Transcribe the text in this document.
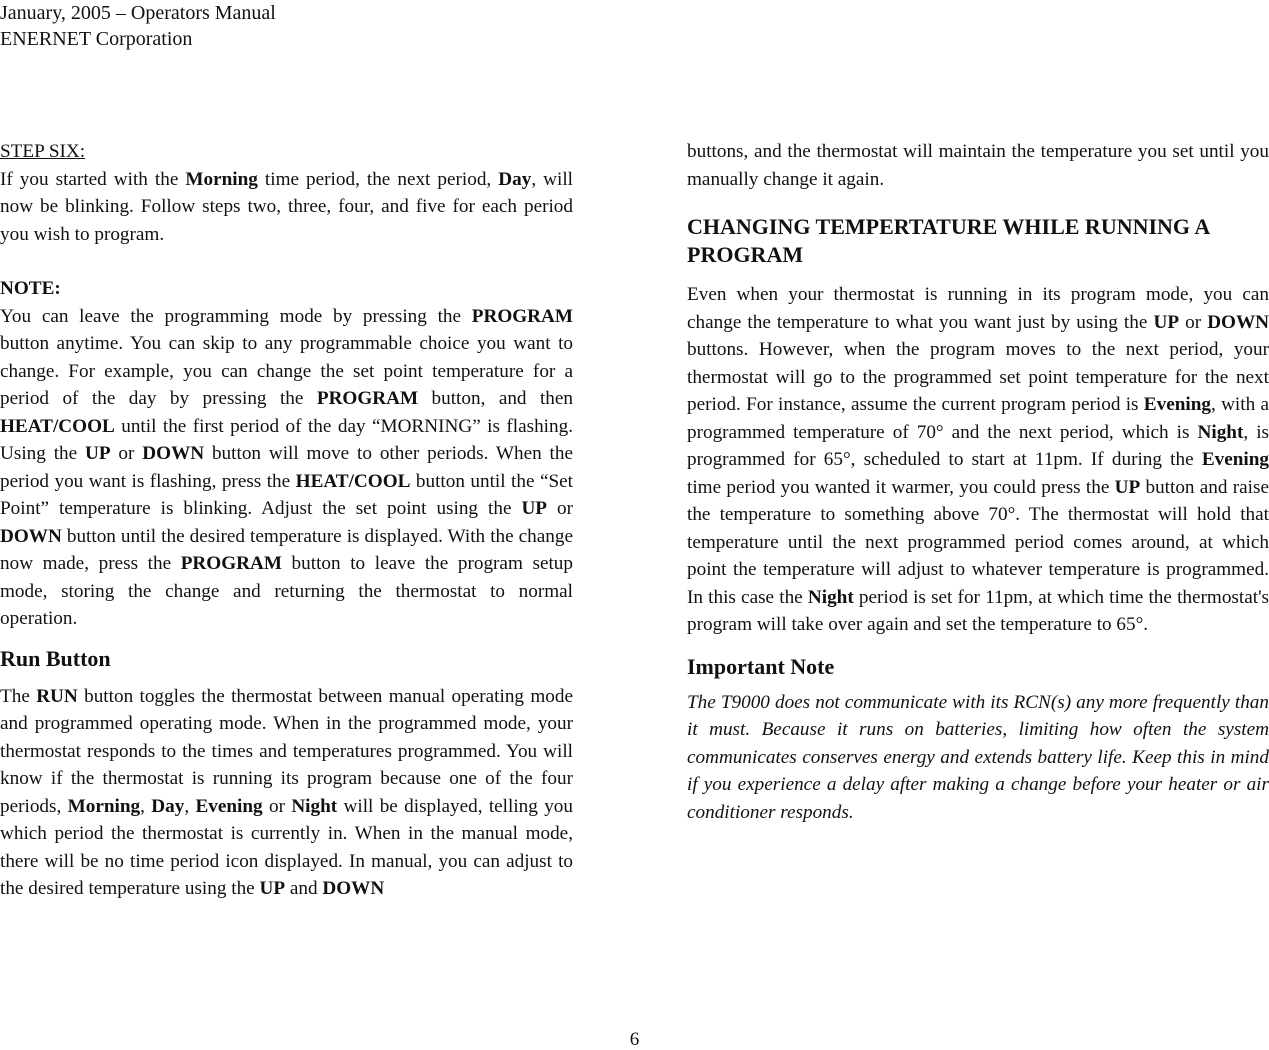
January, 2005 – Operators Manual
ENERNET Corporation

STEP SIX:

If you started with the Morning time period, the next period, Day, will now be blinking. Follow steps two, three, four, and five for each period you wish to program.

NOTE:

You can leave the programming mode by pressing the PROGRAM button anytime. You can skip to any programmable choice you want to change. For example, you can change the set point temperature for a period of the day by pressing the PROGRAM button, and then HEAT/COOL until the first period of the day “MORNING” is flashing. Using the UP or DOWN button will move to other periods. When the period you want is flashing, press the HEAT/COOL button until the “Set Point” temperature is blinking. Adjust the set point using the UP or DOWN button until the desired temperature is displayed. With the change now made, press the PROGRAM button to leave the program setup mode, storing the change and returning the thermostat to normal operation.

Run Button

The RUN button toggles the thermostat between manual operating mode and programmed operating mode. When in the programmed mode, your thermostat responds to the times and temperatures programmed. You will know if the thermostat is running its program because one of the four periods, Morning, Day, Evening or Night will be displayed, telling you which period the thermostat is currently in. When in the manual mode, there will be no time period icon displayed. In manual, you can adjust to the desired temperature using the UP and DOWN

buttons, and the thermostat will maintain the temperature you set until you manually change it again.

CHANGING TEMPERTATURE WHILE RUNNING A PROGRAM

Even when your thermostat is running in its program mode, you can change the temperature to what you want just by using the UP or DOWN buttons. However, when the program moves to the next period, your thermostat will go to the programmed set point temperature for the next period. For instance, assume the current program period is Evening, with a programmed temperature of 70° and the next period, which is Night, is programmed for 65°, scheduled to start at 11pm. If during the Evening time period you wanted it warmer, you could press the UP button and raise the temperature to something above 70°. The thermostat will hold that temperature until the next programmed period comes around, at which point the temperature will adjust to whatever temperature is programmed. In this case the Night period is set for 11pm, at which time the thermostat's program will take over again and set the temperature to 65°.

Important Note

The T9000 does not communicate with its RCN(s) any more frequently than it must. Because it runs on batteries, limiting how often the system communicates conserves energy and extends battery life. Keep this in mind if you experience a delay after making a change before your heater or air conditioner responds.

6
